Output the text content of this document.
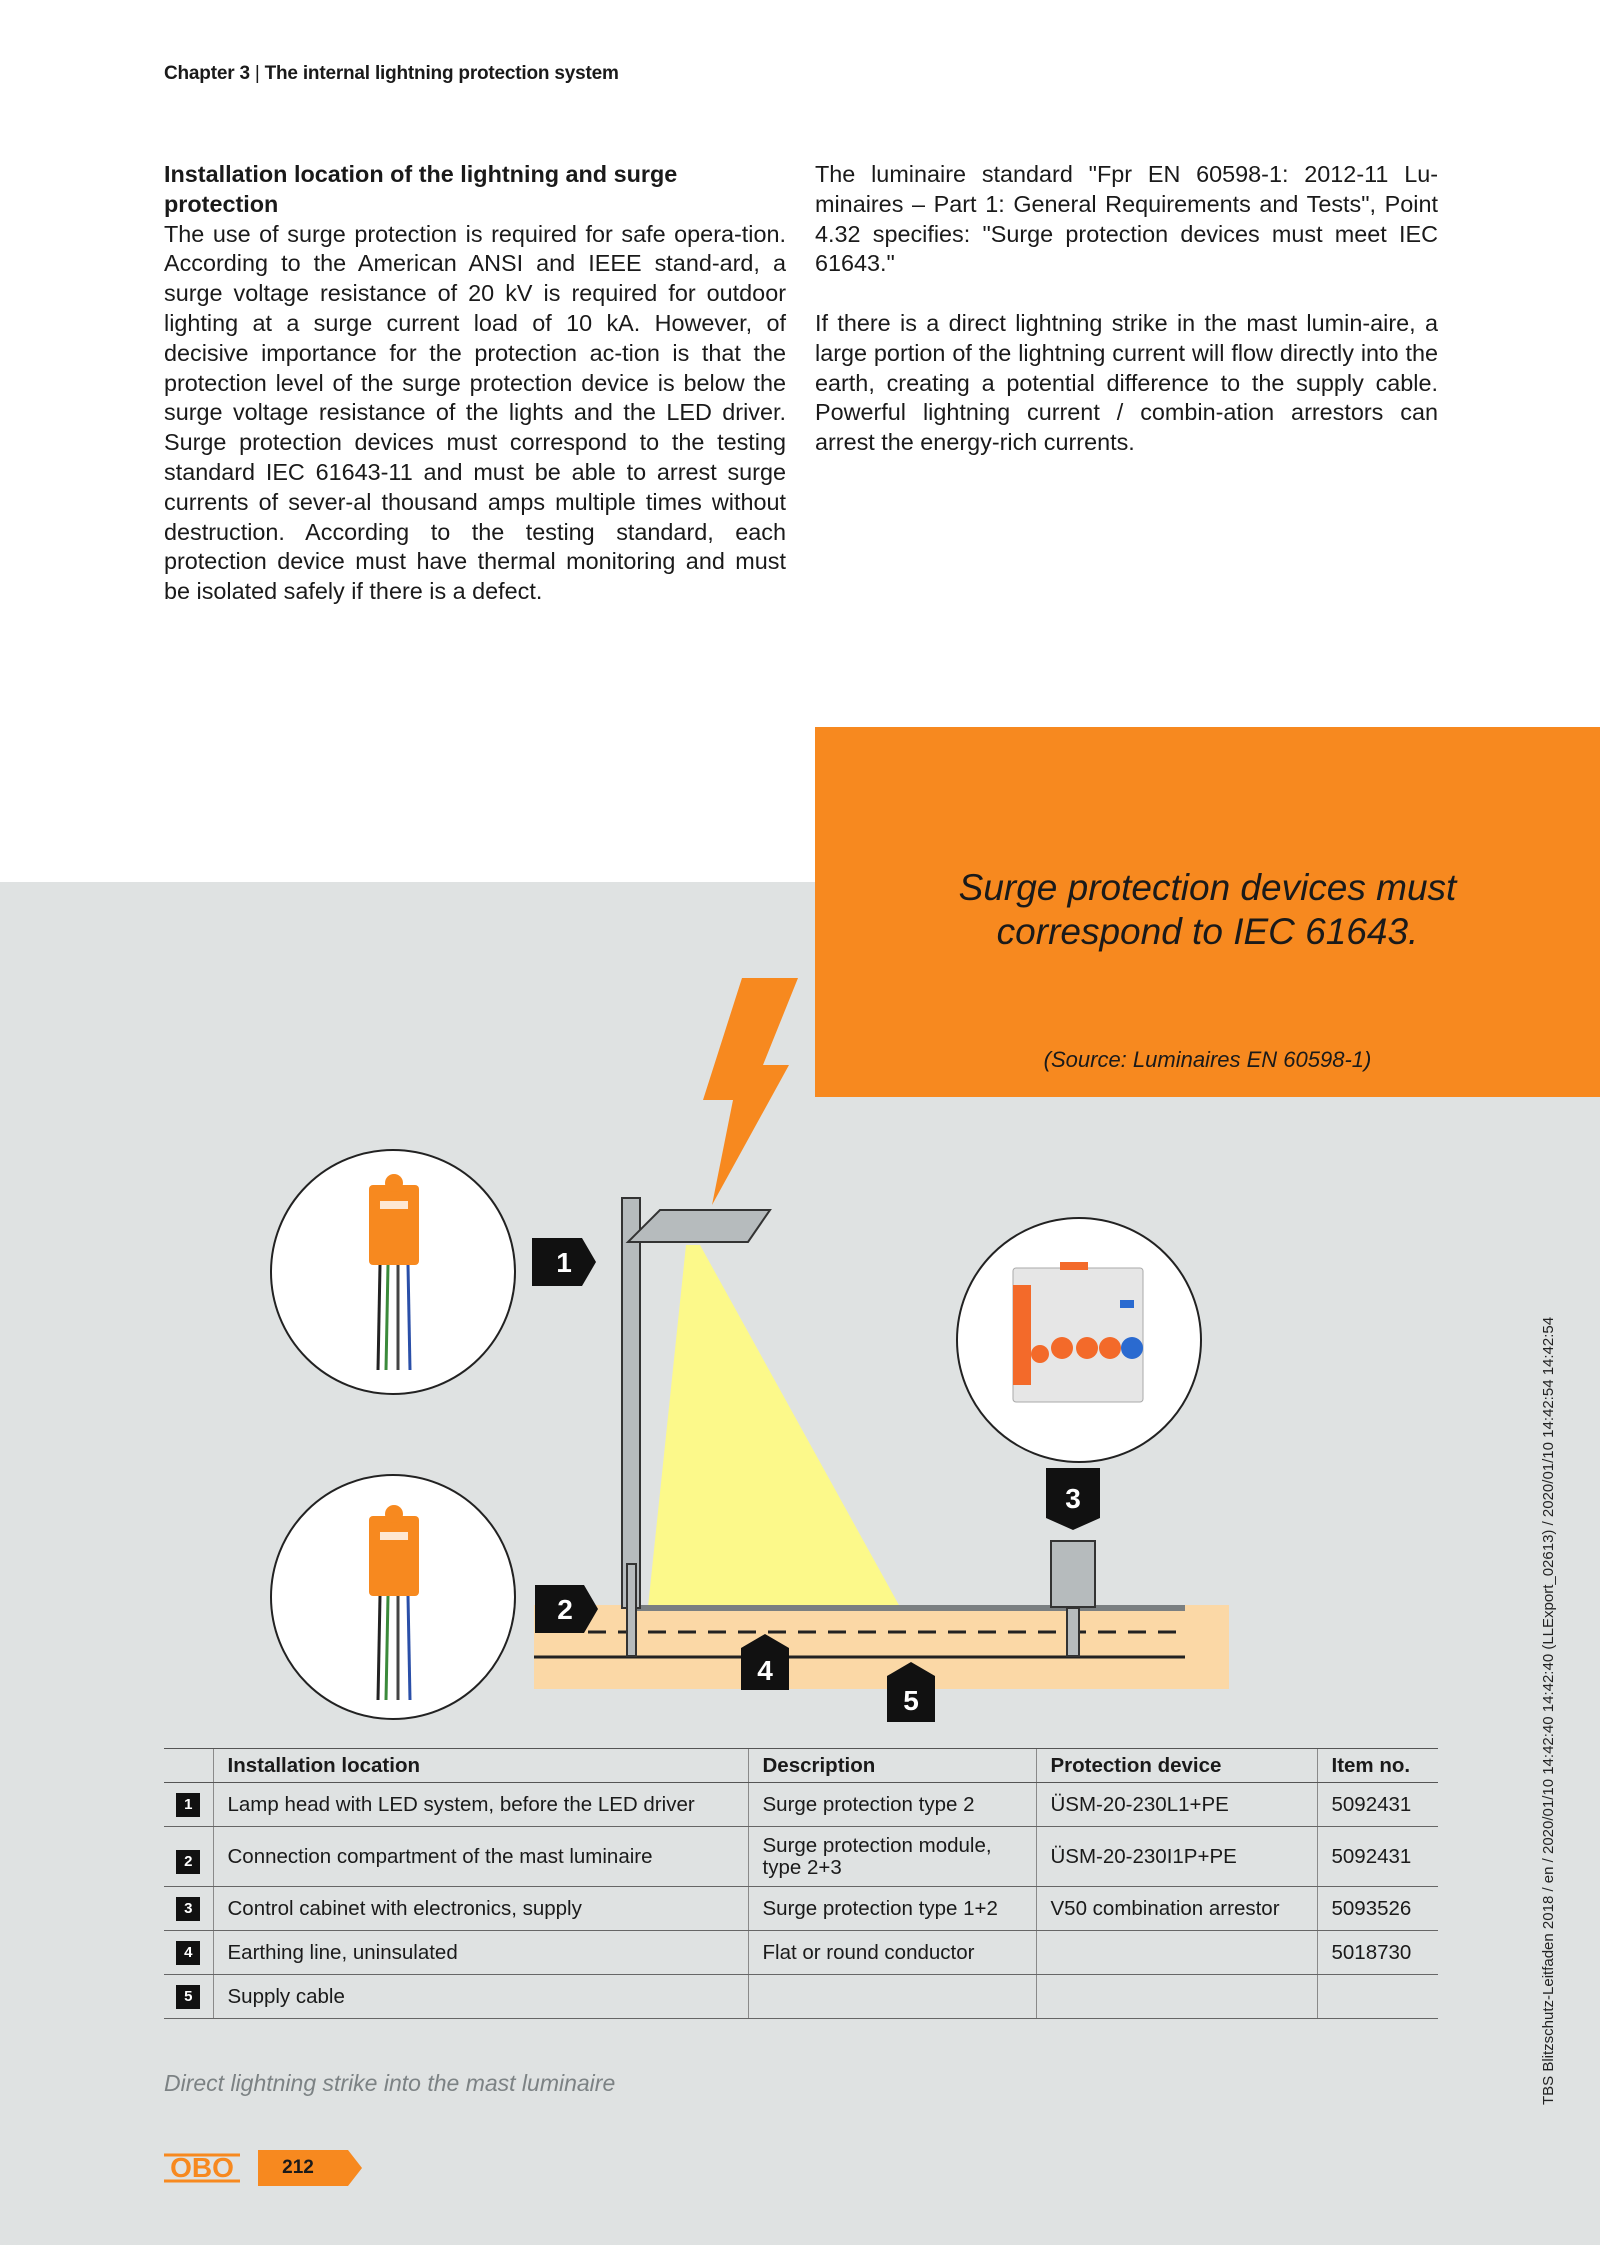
Chapter 3 | The internal lightning protection system
Installation location of the lightning and surge protection

The use of surge protection is required for safe opera-tion. According to the American ANSI and IEEE stand-ard, a surge voltage resistance of 20 kV is required for outdoor lighting at a surge current load of 10 kA. However, of decisive importance for the protection ac-tion is that the protection level of the surge protection device is below the surge voltage resistance of the lights and the LED driver. Surge protection devices must correspond to the testing standard IEC 61643-11 and must be able to arrest surge currents of sever-al thousand amps multiple times without destruction. According to the testing standard, each protection device must have thermal monitoring and must be isolated safely if there is a defect.

The luminaire standard "Fpr EN 60598-1: 2012-11 Lu-minaires – Part 1: General Requirements and Tests", Point 4.32 specifies: "Surge protection devices must meet IEC 61643."

If there is a direct lightning strike in the mast lumin-aire, a large portion of the lightning current will flow directly into the earth, creating a potential difference to the supply cable. Powerful lightning current / combin-ation arrestors can arrest the energy-rich currents.

Surge protection devices must
correspond to IEC 61643.
(Source: Luminaires EN 60598-1)
1
2
3
4
5	TBS Blitzschutz-Leitfaden 2018 / en / 2020/01/10 14:42:40 14:42:40 (LLExport_02613) / 2020/01/10 14:42:54 14:42:54
	Installation location	Description	Protection device	Item no.
1	Lamp head with LED system, before the LED driver	Surge protection type 2	ÜSM-20-230L1+PE	5092431
2	Connection compartment of the mast luminaire	Surge protection module, type 2+3	ÜSM-20-230I1P+PE	5092431
3	Control cabinet with electronics, supply	Surge protection type 1+2	V50 combination arrestor	5093526
4	Earthing line, uninsulated	Flat or round conductor		5018730
5	Supply cable			
Direct lightning strike into the mast luminaire
OBO	212
